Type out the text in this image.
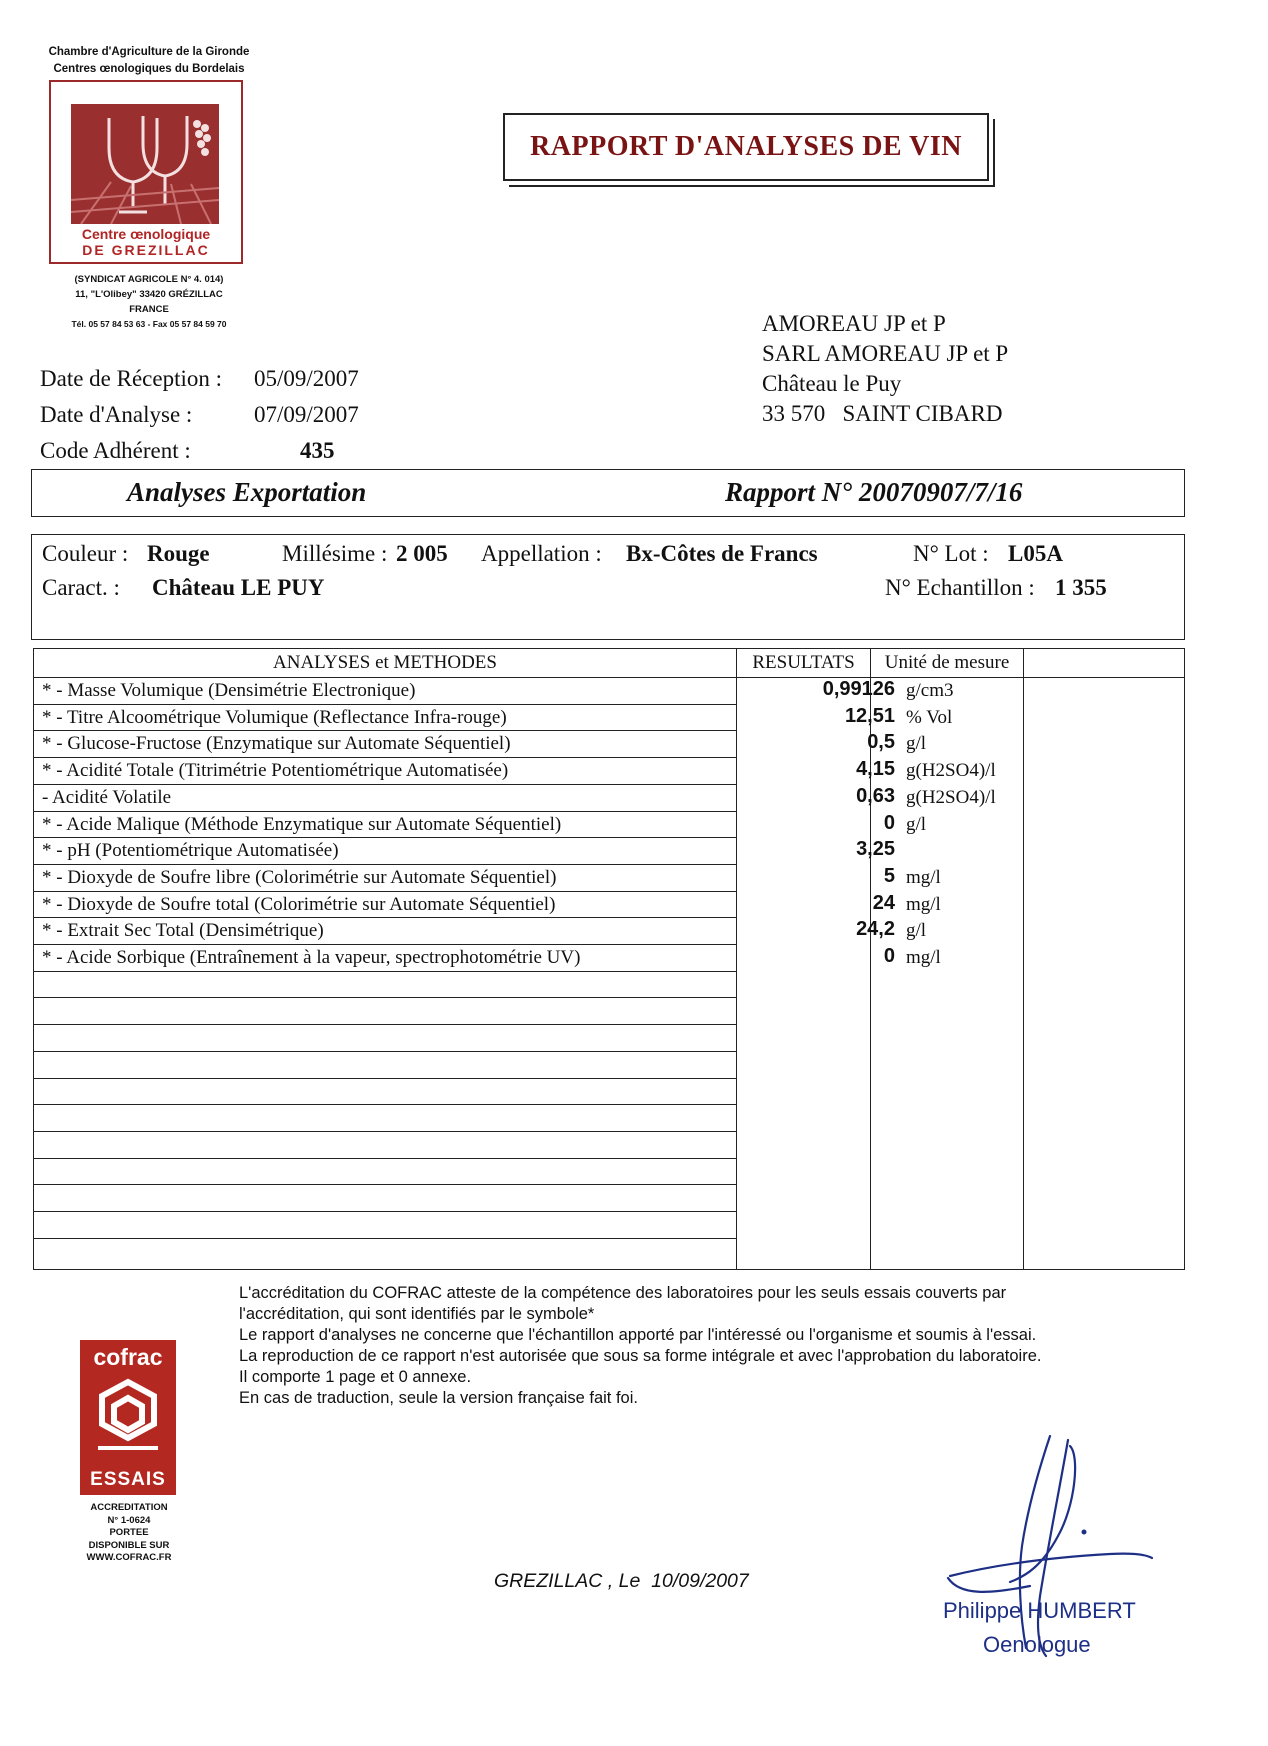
Chambre d'Agriculture de la Gironde
Centres œnologiques du Bordelais
Centre œnologique
DE GREZILLAC
(SYNDICAT AGRICOLE N° 4. 014)
11, "L'Olibey" 33420 GRÉZILLAC
FRANCE
Tél. 05 57 84 53 63 - Fax 05 57 84 59 70
RAPPORT D'ANALYSES DE VIN
AMOREAU JP et P
SARL AMOREAU JP et P
Château le Puy
33 570   SAINT CIBARD
Date de Réception : 05/09/2007
Date d'Analyse :	07/09/2007
Code Adhérent :	435
Analyses Exportation	Rapport N° 20070907/7/16
Couleur : Rouge	Millésime : 2 005 Appellation : Bx-Côtes de Francs	N° Lot : L05A
Caract. : Château LE PUY	N° Echantillon : 1 355
ANALYSES et METHODES	RESULTATS	Unité de mesure
* - Masse Volumique (Densimétrie Electronique)	0,99126 g/cm3
* - Titre Alcoométrique Volumique (Reflectance Infra-rouge)	12,51 % Vol
* - Glucose-Fructose (Enzymatique sur Automate Séquentiel)	0,5 g/l
* - Acidité Totale (Titrimétrie Potentiométrique Automatisée)	4,15 g(H2SO4)/l
- Acidité Volatile	0,63 g(H2SO4)/l
* - Acide Malique (Méthode Enzymatique sur Automate Séquentiel)	0 g/l
* - pH (Potentiométrique Automatisée)	3,25
* - Dioxyde de Soufre libre (Colorimétrie sur Automate Séquentiel)	5 mg/l
* - Dioxyde de Soufre total (Colorimétrie sur Automate Séquentiel)	24 mg/l
* - Extrait Sec Total (Densimétrique)	24,2 g/l
* - Acide Sorbique (Entraînement à la vapeur, spectrophotométrie UV)	0 mg/l
L'accréditation du COFRAC atteste de la compétence des laboratoires pour les seuls essais couverts par
l'accréditation, qui sont identifiés par le symbole*
Le rapport d'analyses ne concerne que l'échantillon apporté par l'intéressé ou l'organisme et soumis à l'essai.
La reproduction de ce rapport n'est autorisée que sous sa forme intégrale et avec l'approbation du laboratoire.
Il comporte 1 page et 0 annexe.
En cas de traduction, seule la version française fait foi.
cofrac
ESSAIS
ACCREDITATION
N° 1-0624
PORTEE
DISPONIBLE SUR
WWW.COFRAC.FR
GREZILLAC , Le  10/09/2007
Philippe HUMBERT
Oenologue
